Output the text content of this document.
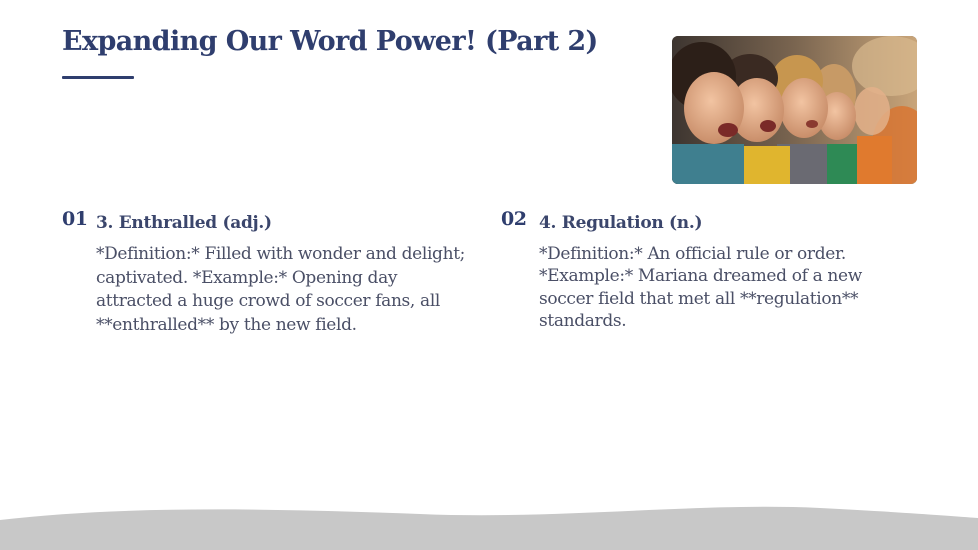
Expanding Our Word Power! (Part 2)
01 3. Enthralled (adj.)

*Definition:* Filled with wonder and delight; captivated. *Example:* Opening day attracted a huge crowd of soccer fans, all **enthralled** by the new field.

02 4. Regulation (n.)

*Definition:* An official rule or order. *Example:* Mariana dreamed of a new soccer field that met all **regulation** standards.
